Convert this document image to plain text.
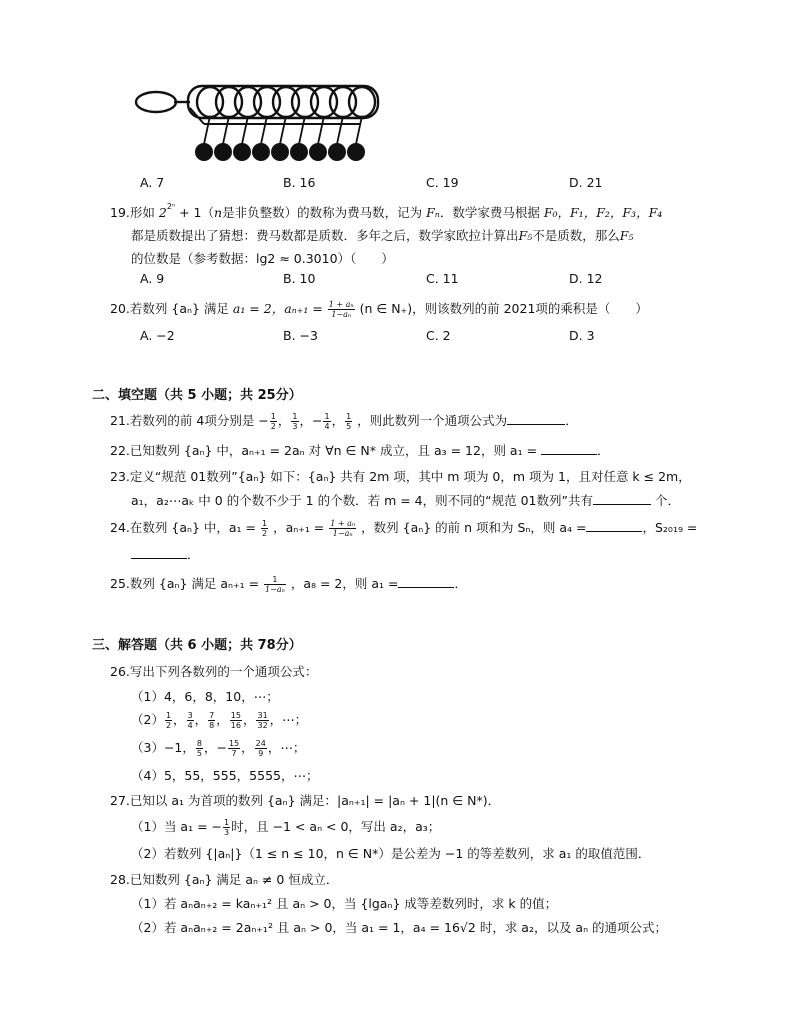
A. 7	B. 16	C. 19	D. 21
19.形如 $2^{2^n} + 1(n$是非负整数）的数称为费马数，记为 Fₙ．数学家费马根据 F₀，F₁，F₂，F₃，F₄
都是质数提出了猜想：费马数都是质数．多年之后，数学家欧拉计算出F₅不是质数，那么F₅
的位数是（参考数据：lg2 ≈ 0.3010）（　　）
A. 9	B. 10	C. 11	D. 12
20.若数列 {aₙ} 满足 a₁ = 2，$a_{n+1} = \frac{\text{1 + aₙ}}{\text{1−aₙ}} (n$ ∈ N₊)，则该数列的前 2021项的乘积是（　　）
A. −2	B. −3	C. 2	D. 3
二、填空题（共 5 小题；共 25分）
21.若数列的前 4项分别是 − $\frac{1}{2}$ ， $\frac{1}{3}$ ，− $\frac{1}{4}$ ， $\frac{1}{5}$ ，则此数列一个通项公式为	．
22.已知数列 {aₙ} 中，aₙ₊₁ = 2aₙ 对 ∀n ∈ N* 成立，且 a₃ = 12，则 a₁ =	．
23.定义“规范 01数列”{aₙ} 如下：{aₙ} 共有 2m 项，其中 m 项为 0，m 项为 1，且对任意 k ≤ 2m，
a₁，a₂⋯aₖ 中 0 的个数不少于 1 的个数．若 m = 4，则不同的“规范 01数列”共有	个．
24.在数列 {aₙ} 中，$a_1 = \frac{1}{2}$ ，$a_{n+1} = \frac{\text{1 + aₙ}}{\text{1−aₙ}}$ ，数列 {aₙ} 的前 n 项和为 Sₙ，则 a₄ =	，S₂₀₁₉ =
．
25.数列 {aₙ} 满足 $a_{n+1} = \frac{1}{\text{1−aₙ}}$ ，a₈ = 2，则 a₁ =	．
三、解答题（共 6 小题；共 78分）
26.写出下列各数列的一个通项公式：
（1）4，6，8，10，⋯；
$(2) \frac{1}{2}$ ， $\frac{3}{4}$ ， $\frac{7}{8}$ ， $\frac{15}{16}$ ， $\frac{31}{32}$ ，⋯；
（3）−1， $\frac{8}{5}$ ，− $\frac{15}{7}$ ， $\frac{24}{9}$ ，⋯；
（4）5，55，555，5555，⋯；
27.已知以 a₁ 为首项的数列 {aₙ} 满足：|aₙ₊₁| = |aₙ + 1|(n ∈ N*)．
（1）当 a₁ = − $\frac{1}{3}$ 时，且 −1 < aₙ < 0，写出 a₂，a₃；
（2）若数列 {|aₙ|}（1 ≤ n ≤ 10，n ∈ N*）是公差为 −1 的等差数列，求 a₁ 的取值范围．
28.已知数列 {aₙ} 满足 aₙ ≠ 0 恒成立．
（1）若 aₙaₙ₊₂ = kaₙ₊₁² 且 aₙ > 0，当 {lgaₙ} 成等差数列时，求 k 的值；
（2）若 aₙaₙ₊₂ = 2aₙ₊₁² 且 aₙ > 0，当 a₁ = 1，a₄ = 16√2 时，求 a₂，以及 aₙ 的通项公式；
